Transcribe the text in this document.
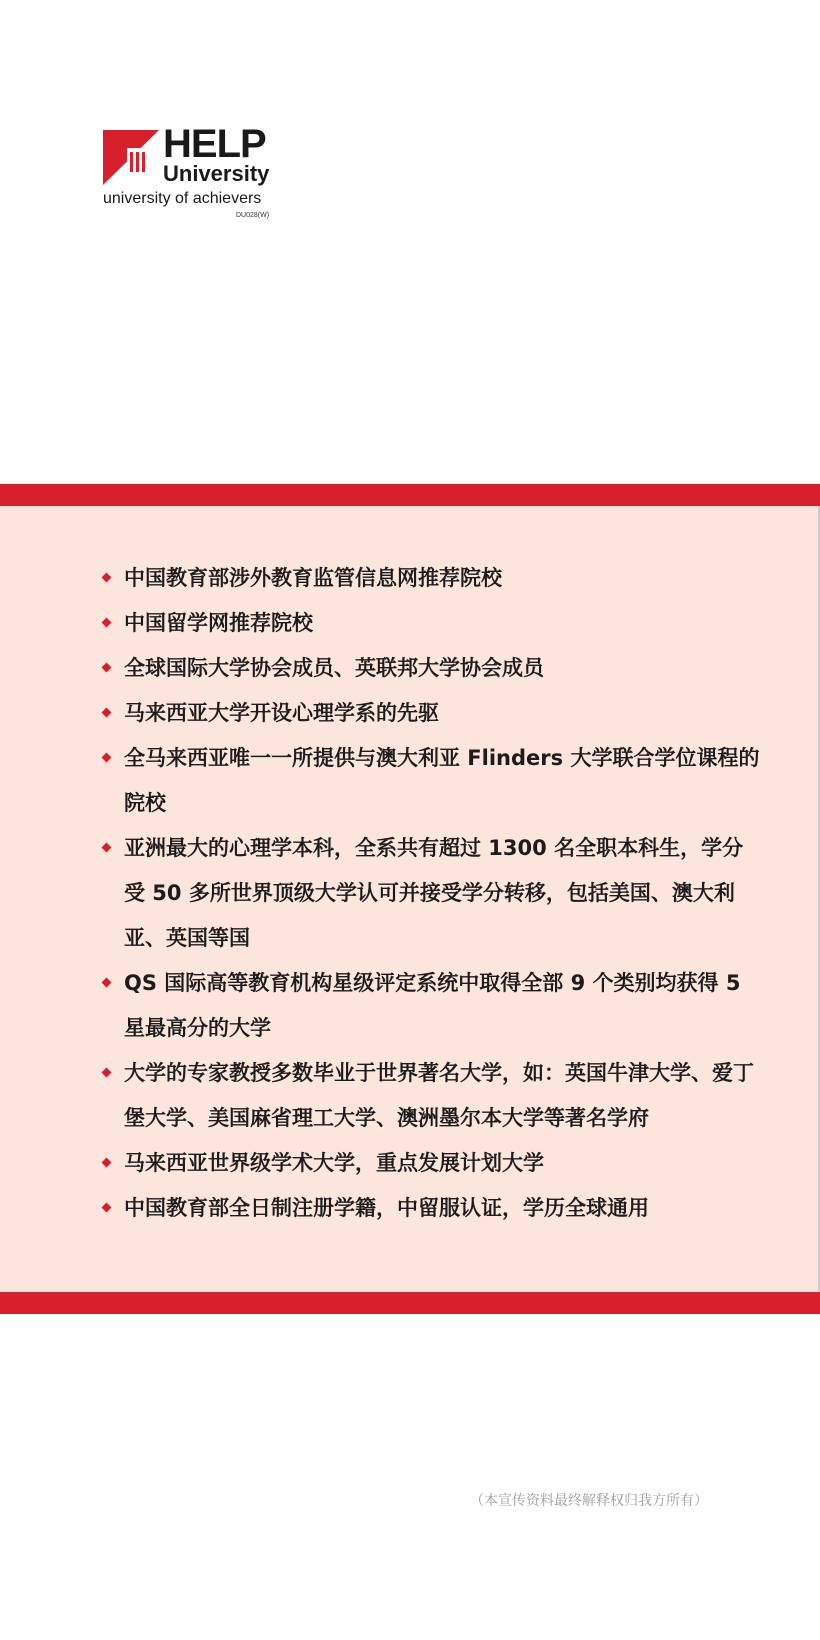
HELP
University
university of achievers
DU028(W)
中国教育部涉外教育监管信息网推荐院校
中国留学网推荐院校
全球国际大学协会成员、英联邦大学协会成员
马来西亚大学开设心理学系的先驱
全马来西亚唯一一所提供与澳大利亚 Flinders 大学联合学位课程的院校
亚洲最大的心理学本科，全系共有超过 1300 名全职本科生，学分受 50 多所世界顶级大学认可并接受学分转移，包括美国、澳大利亚、英国等国
QS 国际高等教育机构星级评定系统中取得全部 9 个类别均获得 5 星最高分的大学
大学的专家教授多数毕业于世界著名大学，如：英国牛津大学、爱丁堡大学、美国麻省理工大学、澳洲墨尔本大学等著名学府
马来西亚世界级学术大学，重点发展计划大学
中国教育部全日制注册学籍，中留服认证，学历全球通用
（本宣传资料最终解释权归我方所有）
